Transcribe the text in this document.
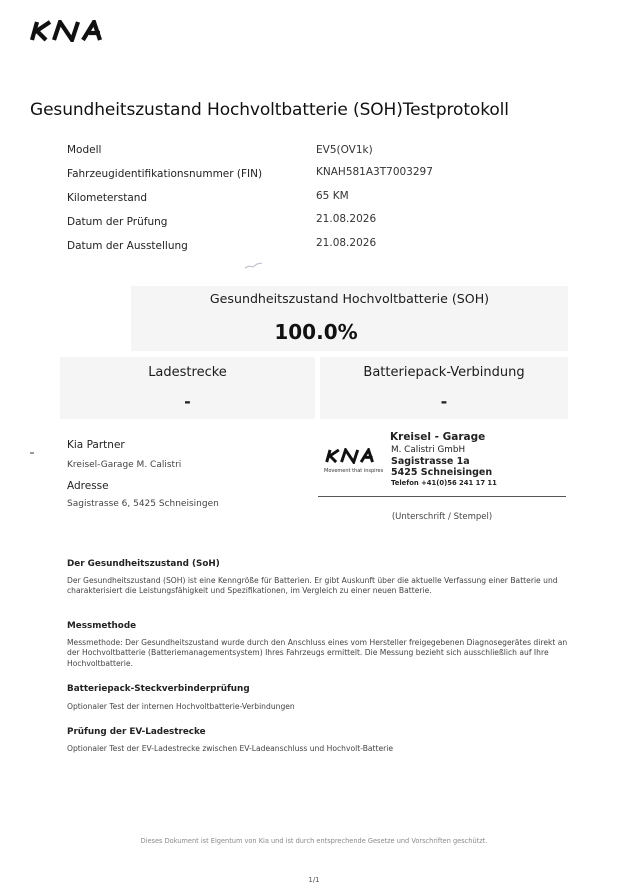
Gesundheitszustand Hochvoltbatterie (SOH)Testprotokoll
Modell	EV5(OV1k)
Fahrzeugidentifikationsnummer (FIN)	KNAH581A3T7003297
Kilometerstand	65 KM
Datum der Prüfung	21.08.2026
Datum der Ausstellung	21.08.2026
Gesundheitszustand Hochvoltbatterie (SOH)
100.0%
Ladestrecke
-
Batteriepack-Verbindung
-
Kia Partner
Kreisel-Garage M. Calistri
Adresse
Sagistrasse 6, 5425 Schneisingen
Movement that inspires
Kreisel - Garage
M. Calistri GmbH
Sagistrasse 1a
5425 Schneisingen
Telefon +41(0)56 241 17 11
(Unterschrift / Stempel)
Der Gesundheitszustand (SoH)
Der Gesundheitszustand (SOH) ist eine Kenngröße für Batterien. Er gibt Auskunft über die aktuelle Verfassung einer Batterie und charakterisiert die Leistungsfähigkeit und Spezifikationen, im Vergleich zu einer neuen Batterie.
Messmethode
Messmethode: Der Gesundheitszustand wurde durch den Anschluss eines vom Hersteller freigegebenen Diagnosegerätes direkt an der Hochvoltbatterie (Batteriemanagementsystem) Ihres Fahrzeugs ermittelt. Die Messung bezieht sich ausschließlich auf Ihre Hochvoltbatterie.
Batteriepack-Steckverbinderprüfung
Optionaler Test der internen Hochvoltbatterie-Verbindungen
Prüfung der EV-Ladestrecke
Optionaler Test der EV-Ladestrecke zwischen EV-Ladeanschluss und Hochvolt-Batterie
Dieses Dokument ist Eigentum von Kia und ist durch entsprechende Gesetze und Vorschriften geschützt.
1/1
